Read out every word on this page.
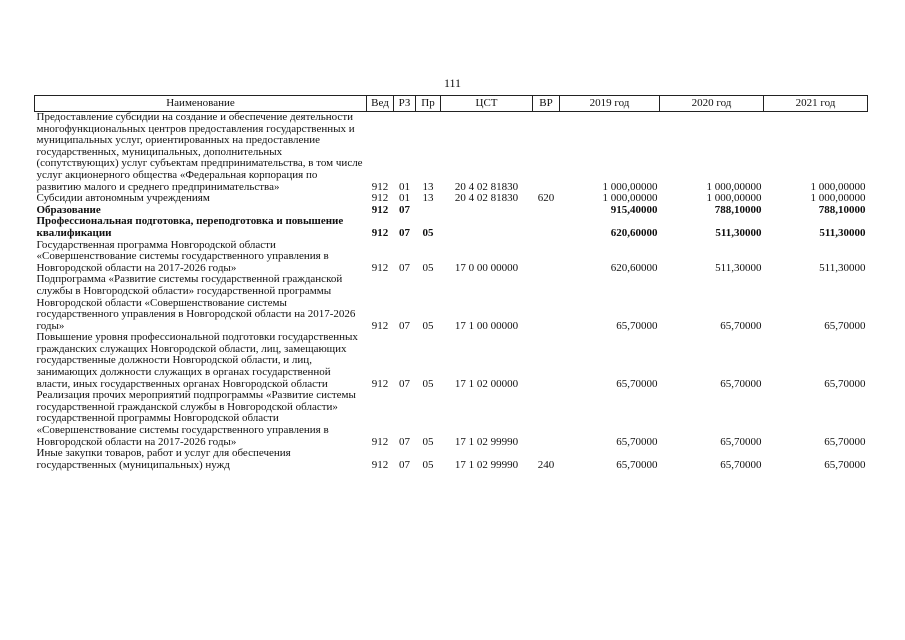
111
Наименование	Вед	РЗ	Пр	ЦСТ	ВР	2019 год	2020 год	2021 год
Предоставление субсидии на создание и обеспечение деятельности многофункциональных центров предоставления государственных и муниципальных услуг, ориентированных на предоставление государственных, муниципальных, дополнительных (сопутствующих) услуг субъектам предпринимательства, в том числе услуг акционерного общества «Федеральная корпорация по развитию малого и среднего предпринимательства»	912	01	13	20 4 02 81830		1 000,00000	1 000,00000	1 000,00000
Субсидии автономным учреждениям	912	01	13	20 4 02 81830	620	1 000,00000	1 000,00000	1 000,00000
Образование	912	07				915,40000	788,10000	788,10000
Профессиональная подготовка, переподготовка и повышение квалификации	912	07	05			620,60000	511,30000	511,30000
Государственная программа Новгородской области «Совершенствование системы государственного управления в Новгородской области на 2017-2026 годы»	912	07	05	17 0 00 00000		620,60000	511,30000	511,30000
Подпрограмма «Развитие системы государственной гражданской службы в Новгородской области» государственной программы Новгородской области «Совершенствование системы государственного управления в Новгородской области на 2017-2026 годы»	912	07	05	17 1 00 00000		65,70000	65,70000	65,70000
Повышение уровня профессиональной подготовки государственных гражданских служащих Новгородской области, лиц, замещающих государственные должности Новгородской области, и лиц, занимающих должности служащих в органах государственной власти, иных государственных органах Новгородской области	912	07	05	17 1 02 00000		65,70000	65,70000	65,70000
Реализация прочих мероприятий подпрограммы «Развитие системы государственной гражданской службы в Новгородской области» государственной программы Новгородской области «Совершенствование системы государственного управления в Новгородской области на 2017-2026 годы»	912	07	05	17 1 02 99990		65,70000	65,70000	65,70000
Иные закупки товаров, работ и услуг для обеспечения государственных (муниципальных) нужд	912	07	05	17 1 02 99990	240	65,70000	65,70000	65,70000
